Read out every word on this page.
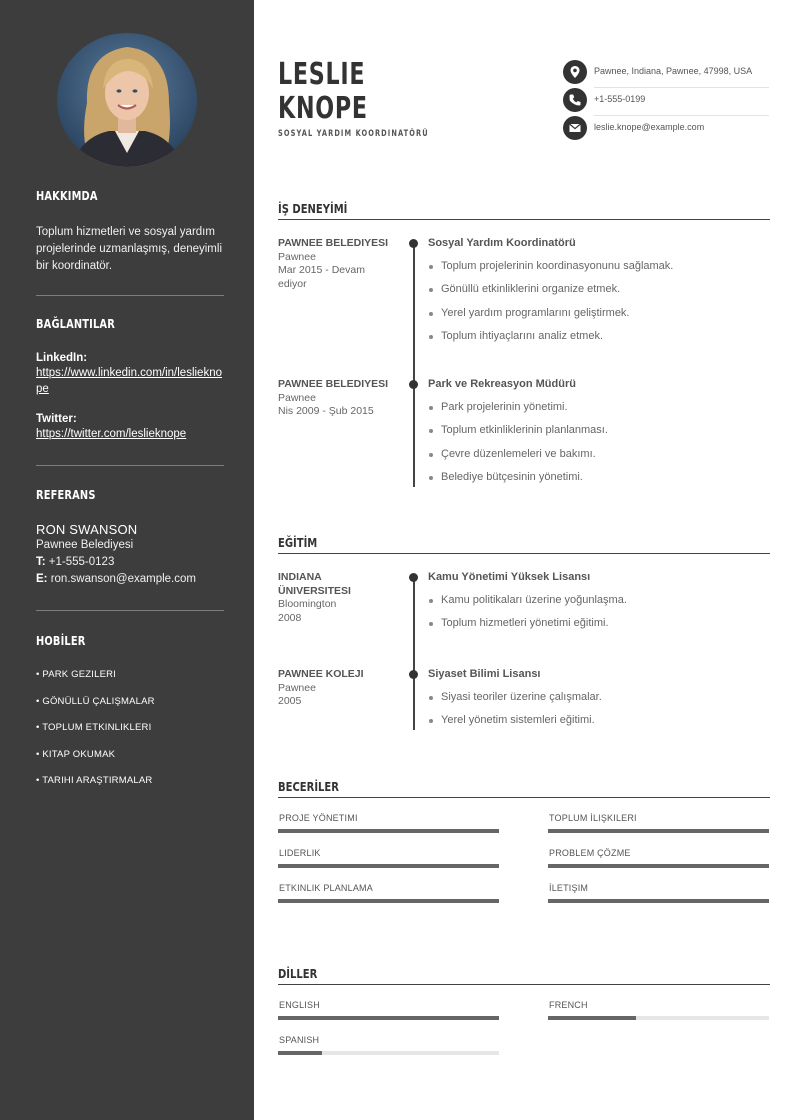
HAKKIMDA
Toplum hizmetleri ve sosyal yardım projelerinde uzmanlaşmış, deneyimli bir koordinatör.
BAĞLANTILAR
LinkedIn:
https://www.linkedin.com/in/leslieknope
Twitter:
https://twitter.com/leslieknope
REFERANS
RON SWANSON
Pawnee Belediyesi
T: +1-555-0123
E: ron.swanson@example.com
HOBİLER
• PARK GEZILERI
• GÖNÜLLÜ ÇALIŞMALAR
• TOPLUM ETKINLIKLERI
• KITAP OKUMAK
• TARIHI ARAŞTIRMALAR
LESLIE
KNOPE
SOSYAL YARDIM KOORDINATÖRÜ
Pawnee, Indiana, Pawnee, 47998, USA
+1-555-0199
leslie.knope@example.com
İŞ DENEYİMİ
PAWNEE BELEDIYESI
Pawnee
Mar 2015 - Devam ediyor
Sosyal Yardım Koordinatörü
Toplum projelerinin koordinasyonunu sağlamak.
Gönüllü etkinliklerini organize etmek.
Yerel yardım programlarını geliştirmek.
Toplum ihtiyaçlarını analiz etmek.
PAWNEE BELEDIYESI
Pawnee
Nis 2009 - Şub 2015
Park ve Rekreasyon Müdürü
Park projelerinin yönetimi.
Toplum etkinliklerinin planlanması.
Çevre düzenlemeleri ve bakımı.
Belediye bütçesinin yönetimi.
EĞİTİM
INDIANA ÜNIVERSITESI
Bloomington
2008
Kamu Yönetimi Yüksek Lisansı
Kamu politikaları üzerine yoğunlaşma.
Toplum hizmetleri yönetimi eğitimi.
PAWNEE KOLEJI
Pawnee
2005
Siyaset Bilimi Lisansı
Siyasi teoriler üzerine çalışmalar.
Yerel yönetim sistemleri eğitimi.
BECERİLER
PROJE YÖNETIMI	TOPLUM İLIŞKILERI
LIDERLIK	PROBLEM ÇÖZME
ETKINLIK PLANLAMA	İLETIŞIM
DİLLER
ENGLISH	FRENCH
SPANISH
